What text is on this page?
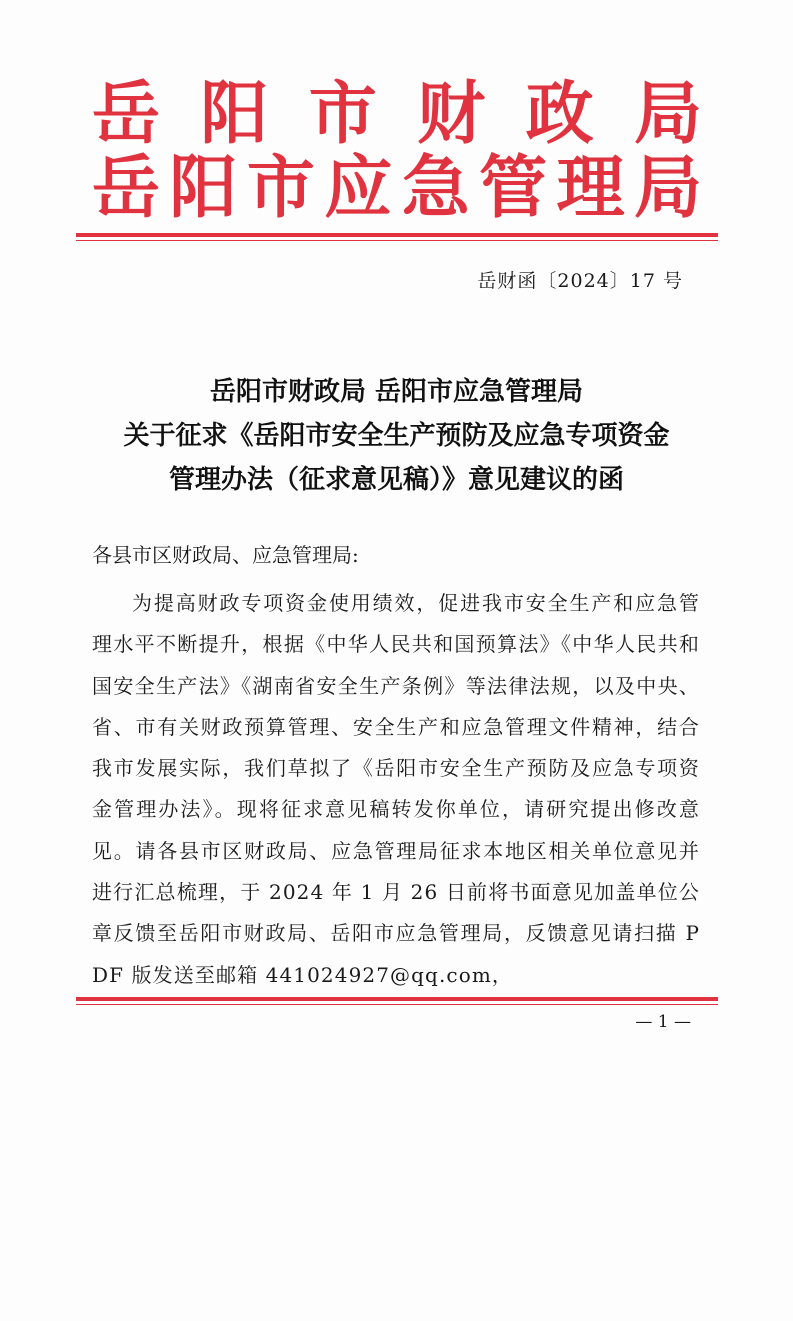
岳 阳 市 财 政 局
岳 阳 市 应 急 管 理 局
岳财函〔2024〕17 号
岳阳市财政局 岳阳市应急管理局
关于征求《岳阳市安全生产预防及应急专项资金
管理办法（征求意见稿）》意见建议的函
各县市区财政局、应急管理局:
为提高财政专项资金使用绩效，促进我市安全生产和应急管理水平不断提升，根据《中华人民共和国预算法》《中华人民共和国安全生产法》《湖南省安全生产条例》等法律法规，以及中央、省、市有关财政预算管理、安全生产和应急管理文件精神，结合我市发展实际，我们草拟了《岳阳市安全生产预防及应急专项资金管理办法》。现将征求意见稿转发你单位，请研究提出修改意见。请各县市区财政局、应急管理局征求本地区相关单位意见并进行汇总梳理，于 2024 年 1 月 26 日前将书面意见加盖单位公章反馈至岳阳市财政局、岳阳市应急管理局，反馈意见请扫描 PDF 版发送至邮箱 441024927@qq.com，
— 1 —
